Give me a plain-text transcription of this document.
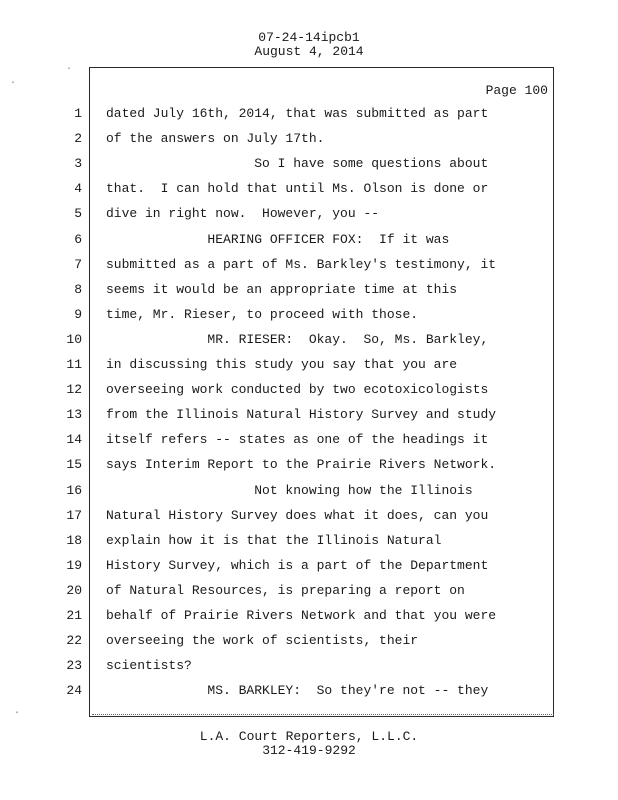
07-24-14ipcb1
August 4, 2014
Page 100
1 dated July 16th, 2014, that was submitted as part
2 of the answers on July 17th.
3 So I have some questions about
4 that.  I can hold that until Ms. Olson is done or
5 dive in right now.  However, you --
6 HEARING OFFICER FOX:  If it was
7 submitted as a part of Ms. Barkley's testimony, it
8 seems it would be an appropriate time at this
9 time, Mr. Rieser, to proceed with those.
10 MR. RIESER:  Okay.  So, Ms. Barkley,
11 in discussing this study you say that you are
12 overseeing work conducted by two ecotoxicologists
13 from the Illinois Natural History Survey and study
14 itself refers -- states as one of the headings it
15 says Interim Report to the Prairie Rivers Network.
16 Not knowing how the Illinois
17 Natural History Survey does what it does, can you
18 explain how it is that the Illinois Natural
19 History Survey, which is a part of the Department
20 of Natural Resources, is preparing a report on
21 behalf of Prairie Rivers Network and that you were
22 overseeing the work of scientists, their
23 scientists?
24 MS. BARKLEY:  So they're not -- they
L.A. Court Reporters, L.L.C.
312-419-9292
·
·
·
